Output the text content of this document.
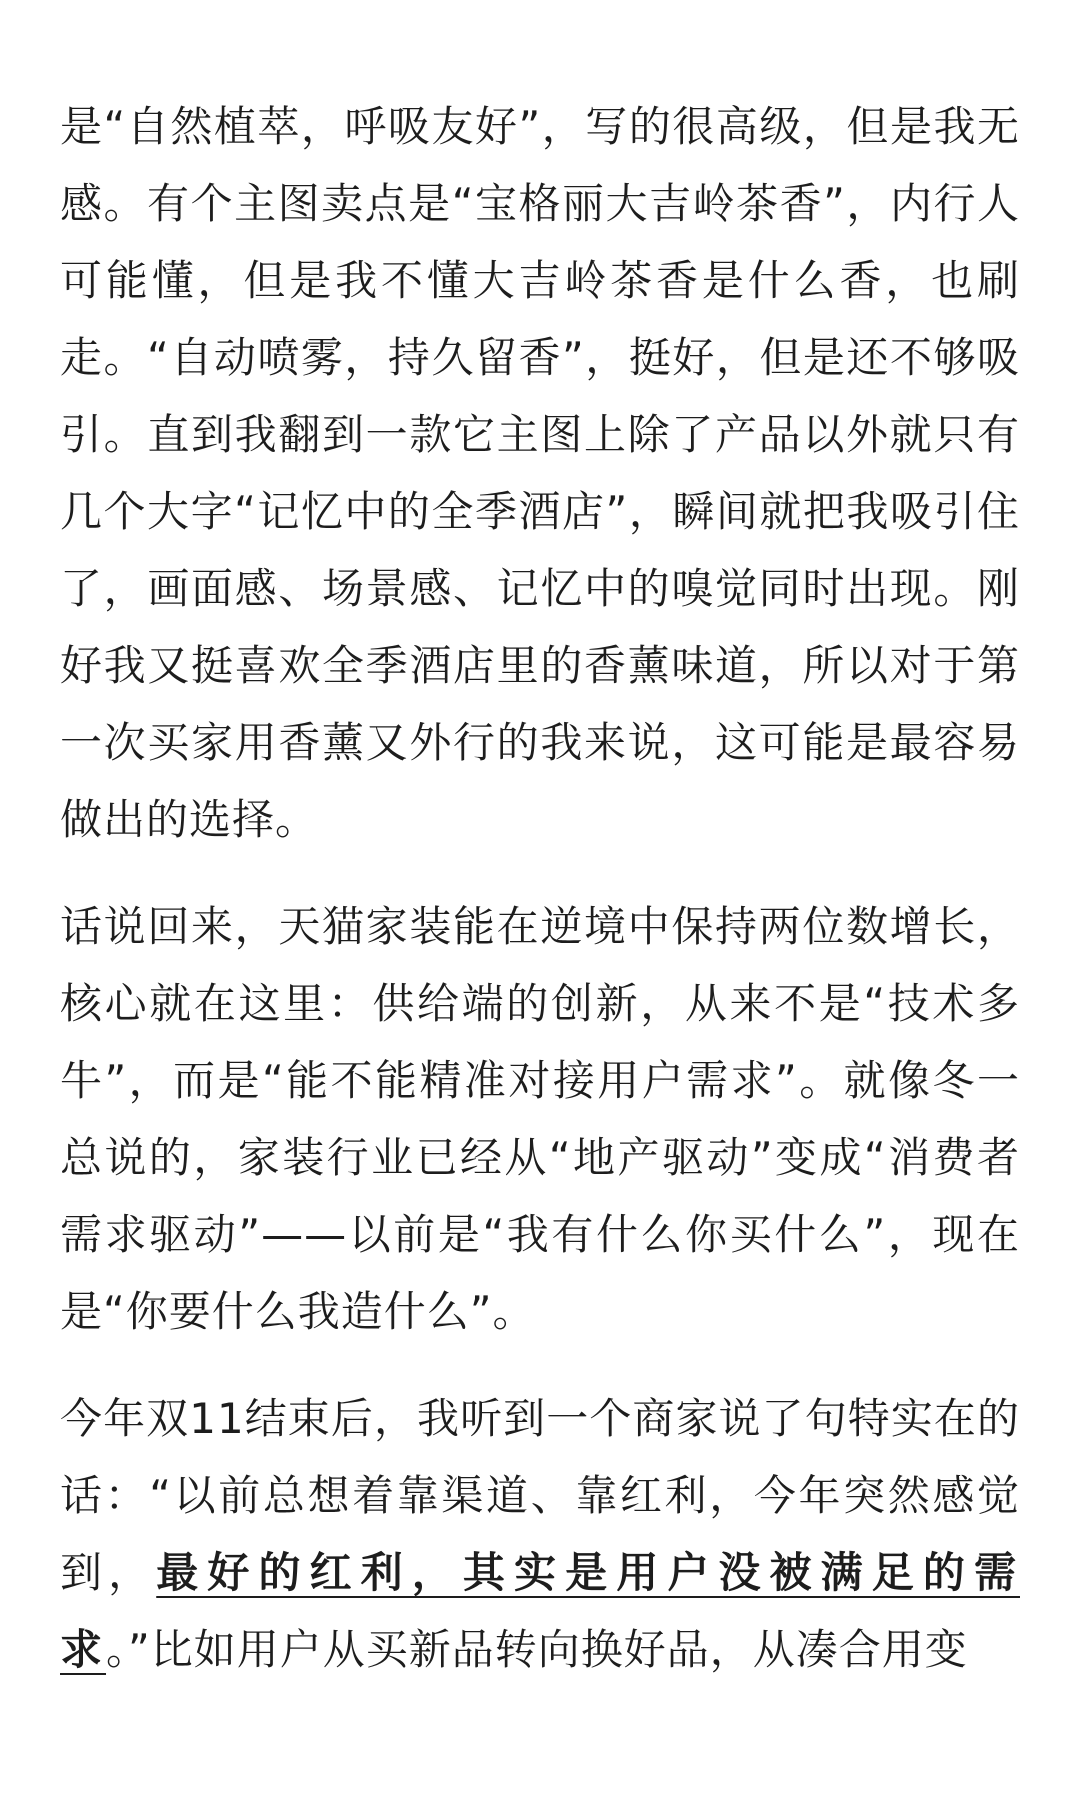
是“自然植萃，呼吸友好”，写的很高级，但是我无感。有个主图卖点是“宝格丽大吉岭茶香”，内行人可能懂，但是我不懂大吉岭茶香是什么香，也刷走。“自动喷雾，持久留香”，挺好，但是还不够吸引。直到我翻到一款它主图上除了产品以外就只有几个大字“记忆中的全季酒店”，瞬间就把我吸引住了，画面感、场景感、记忆中的嗅觉同时出现。刚好我又挺喜欢全季酒店里的香薰味道，所以对于第一次买家用香薰又外行的我来说，这可能是最容易做出的选择。

话说回来，天猫家装能在逆境中保持两位数增长，核心就在这里：供给端的创新，从来不是“技术多牛”，而是“能不能精准对接用户需求”。就像冬一总说的，家装行业已经从“地产驱动”变成“消费者需求驱动”——以前是“我有什么你买什么”，现在是“你要什么我造什么”。

今年双11结束后，我听到一个商家说了句特实在的话：“以前总想着靠渠道、靠红利，今年突然感觉到，最好的红利，其实是用户没被满足的需求。”比如用户从买新品转向换好品，从凑合用变
